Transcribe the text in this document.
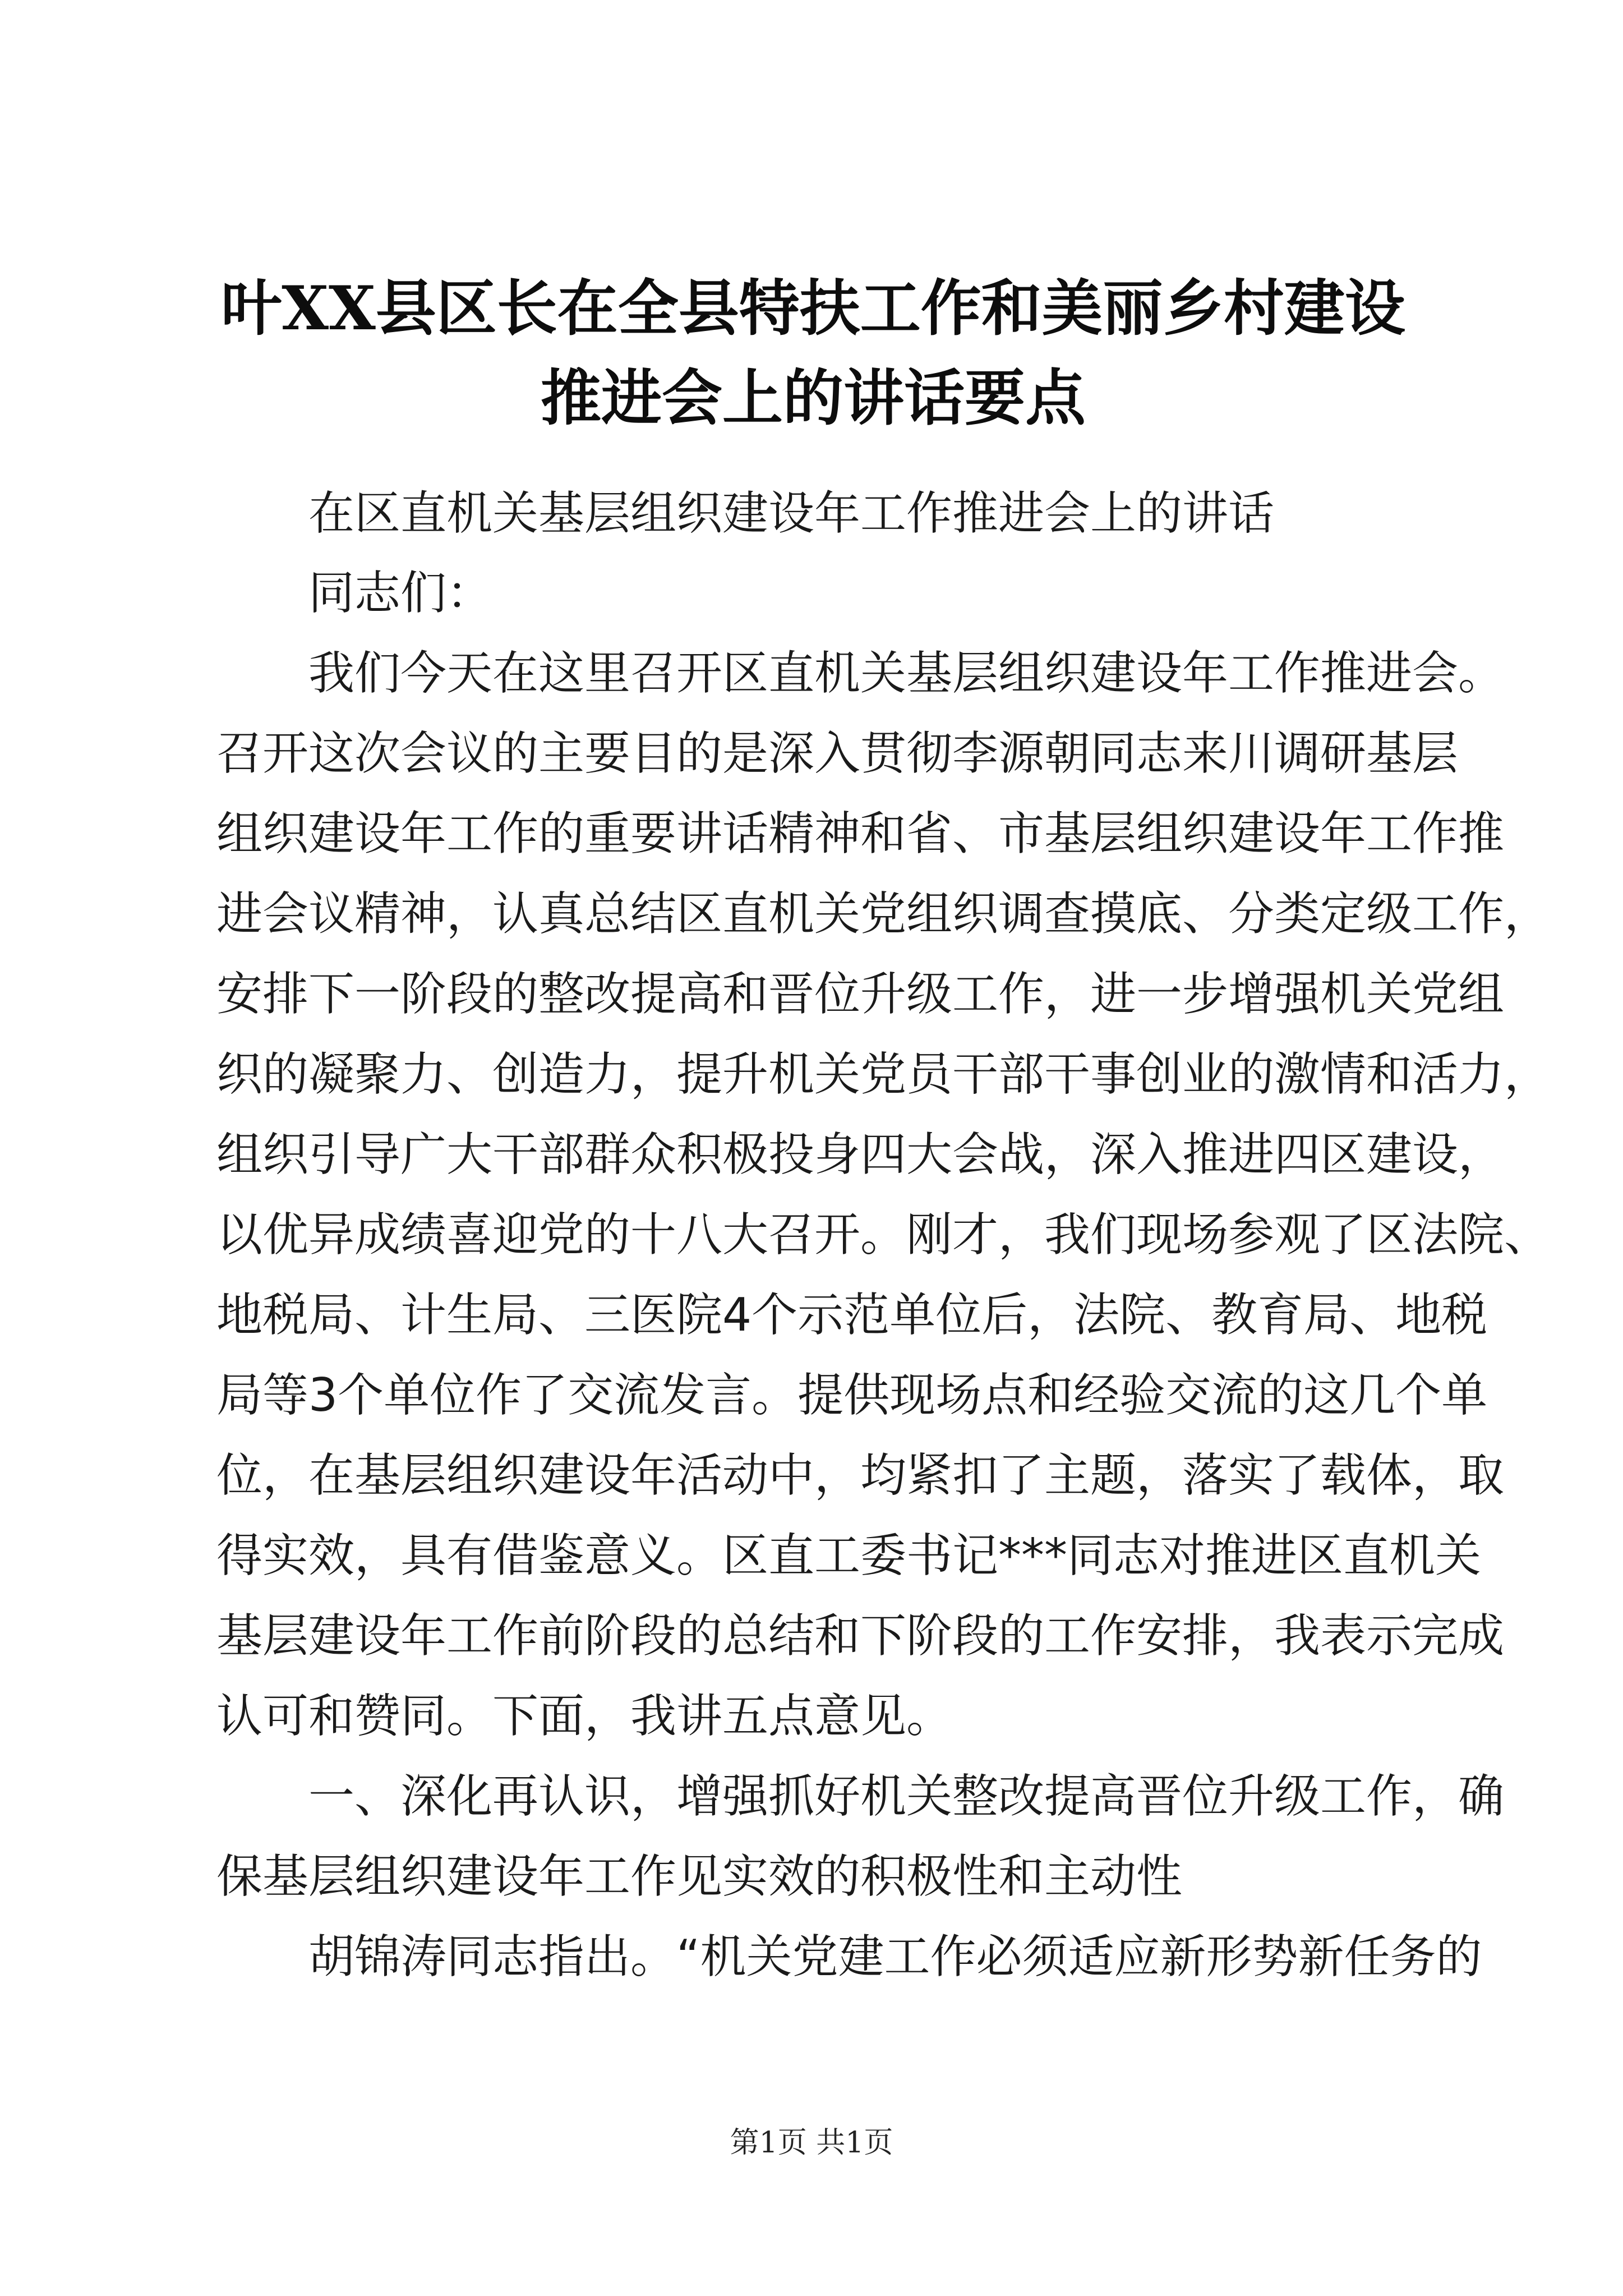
叶XX县区长在全县特扶工作和美丽乡村建设
推进会上的讲话要点
在区直机关基层组织建设年工作推进会上的讲话
同志们：
我们今天在这里召开区直机关基层组织建设年工作推进会。
召开这次会议的主要目的是深入贯彻李源朝同志来川调研基层
组织建设年工作的重要讲话精神和省、市基层组织建设年工作推
进会议精神，认真总结区直机关党组织调查摸底、分类定级工作，
安排下一阶段的整改提高和晋位升级工作，进一步增强机关党组
织的凝聚力、创造力，提升机关党员干部干事创业的激情和活力，
组织引导广大干部群众积极投身四大会战，深入推进四区建设，
以优异成绩喜迎党的十八大召开。刚才，我们现场参观了区法院、
地税局、计生局、三医院4个示范单位后，法院、教育局、地税
局等3个单位作了交流发言。提供现场点和经验交流的这几个单
位，在基层组织建设年活动中，均紧扣了主题，落实了载体，取
得实效，具有借鉴意义。区直工委书记***同志对推进区直机关
基层建设年工作前阶段的总结和下阶段的工作安排，我表示完成
认可和赞同。下面，我讲五点意见。
一、深化再认识，增强抓好机关整改提高晋位升级工作，确
保基层组织建设年工作见实效的积极性和主动性
胡锦涛同志指出。“机关党建工作必须适应新形势新任务的
第1页 共1页
